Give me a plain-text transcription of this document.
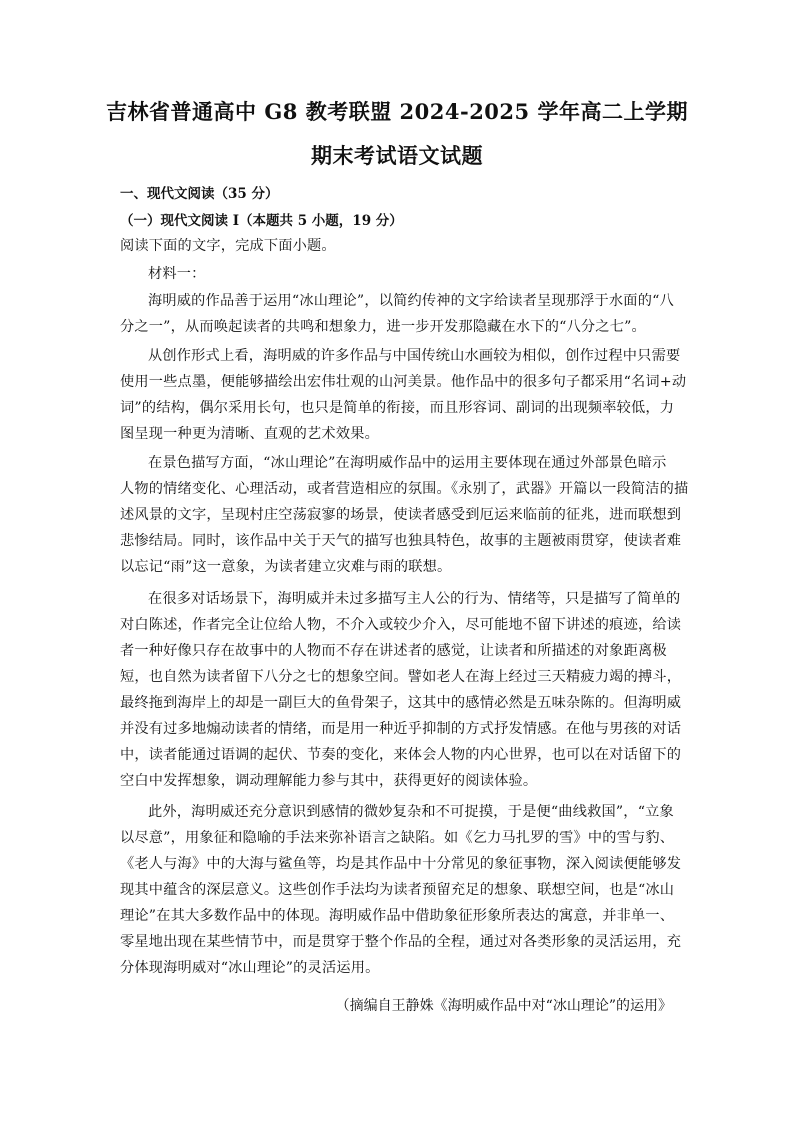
吉林省普通高中 G8 教考联盟 2024-2025 学年高二上学期
期末考试语文试题
一、现代文阅读（35 分）
（一）现代文阅读 I（本题共 5 小题，19 分）
阅读下面的文字，完成下面小题。
材料一：
海明威的作品善于运用“冰山理论”，以简约传神的文字给读者呈现那浮于水面的“八
分之一”，从而唤起读者的共鸣和想象力，进一步开发那隐藏在水下的“八分之七”。
从创作形式上看，海明威的许多作品与中国传统山水画较为相似，创作过程中只需要
使用一些点墨，便能够描绘出宏伟壮观的山河美景。他作品中的很多句子都采用“名词+动
词”的结构，偶尔采用长句，也只是简单的衔接，而且形容词、副词的出现频率较低，力
图呈现一种更为清晰、直观的艺术效果。
在景色描写方面，“冰山理论”在海明威作品中的运用主要体现在通过外部景色暗示
人物的情绪变化、心理活动，或者营造相应的氛围。《永别了，武器》开篇以一段简洁的描
述风景的文字，呈现村庄空荡寂寥的场景，使读者感受到厄运来临前的征兆，进而联想到
悲惨结局。同时，该作品中关于天气的描写也独具特色，故事的主题被雨贯穿，使读者难
以忘记“雨”这一意象，为读者建立灾难与雨的联想。
在很多对话场景下，海明威并未过多描写主人公的行为、情绪等，只是描写了简单的
对白陈述，作者完全让位给人物，不介入或较少介入，尽可能地不留下讲述的痕迹，给读
者一种好像只存在故事中的人物而不存在讲述者的感觉，让读者和所描述的对象距离极
短，也自然为读者留下八分之七的想象空间。譬如老人在海上经过三天精疲力竭的搏斗，
最终拖到海岸上的却是一副巨大的鱼骨架子，这其中的感情必然是五味杂陈的。但海明威
并没有过多地煽动读者的情绪，而是用一种近乎抑制的方式抒发情感。在他与男孩的对话
中，读者能通过语调的起伏、节奏的变化，来体会人物的内心世界，也可以在对话留下的
空白中发挥想象，调动理解能力参与其中，获得更好的阅读体验。
此外，海明威还充分意识到感情的微妙复杂和不可捉摸，于是便“曲线救国”，“立象
以尽意”，用象征和隐喻的手法来弥补语言之缺陷。如《乞力马扎罗的雪》中的雪与豹、
《老人与海》中的大海与鲨鱼等，均是其作品中十分常见的象征事物，深入阅读便能够发
现其中蕴含的深层意义。这些创作手法均为读者预留充足的想象、联想空间，也是“冰山
理论”在其大多数作品中的体现。海明威作品中借助象征形象所表达的寓意，并非单一、
零星地出现在某些情节中，而是贯穿于整个作品的全程，通过对各类形象的灵活运用，充
分体现海明威对“冰山理论”的灵活运用。
（摘编自王静姝《海明威作品中对“冰山理论”的运用》
